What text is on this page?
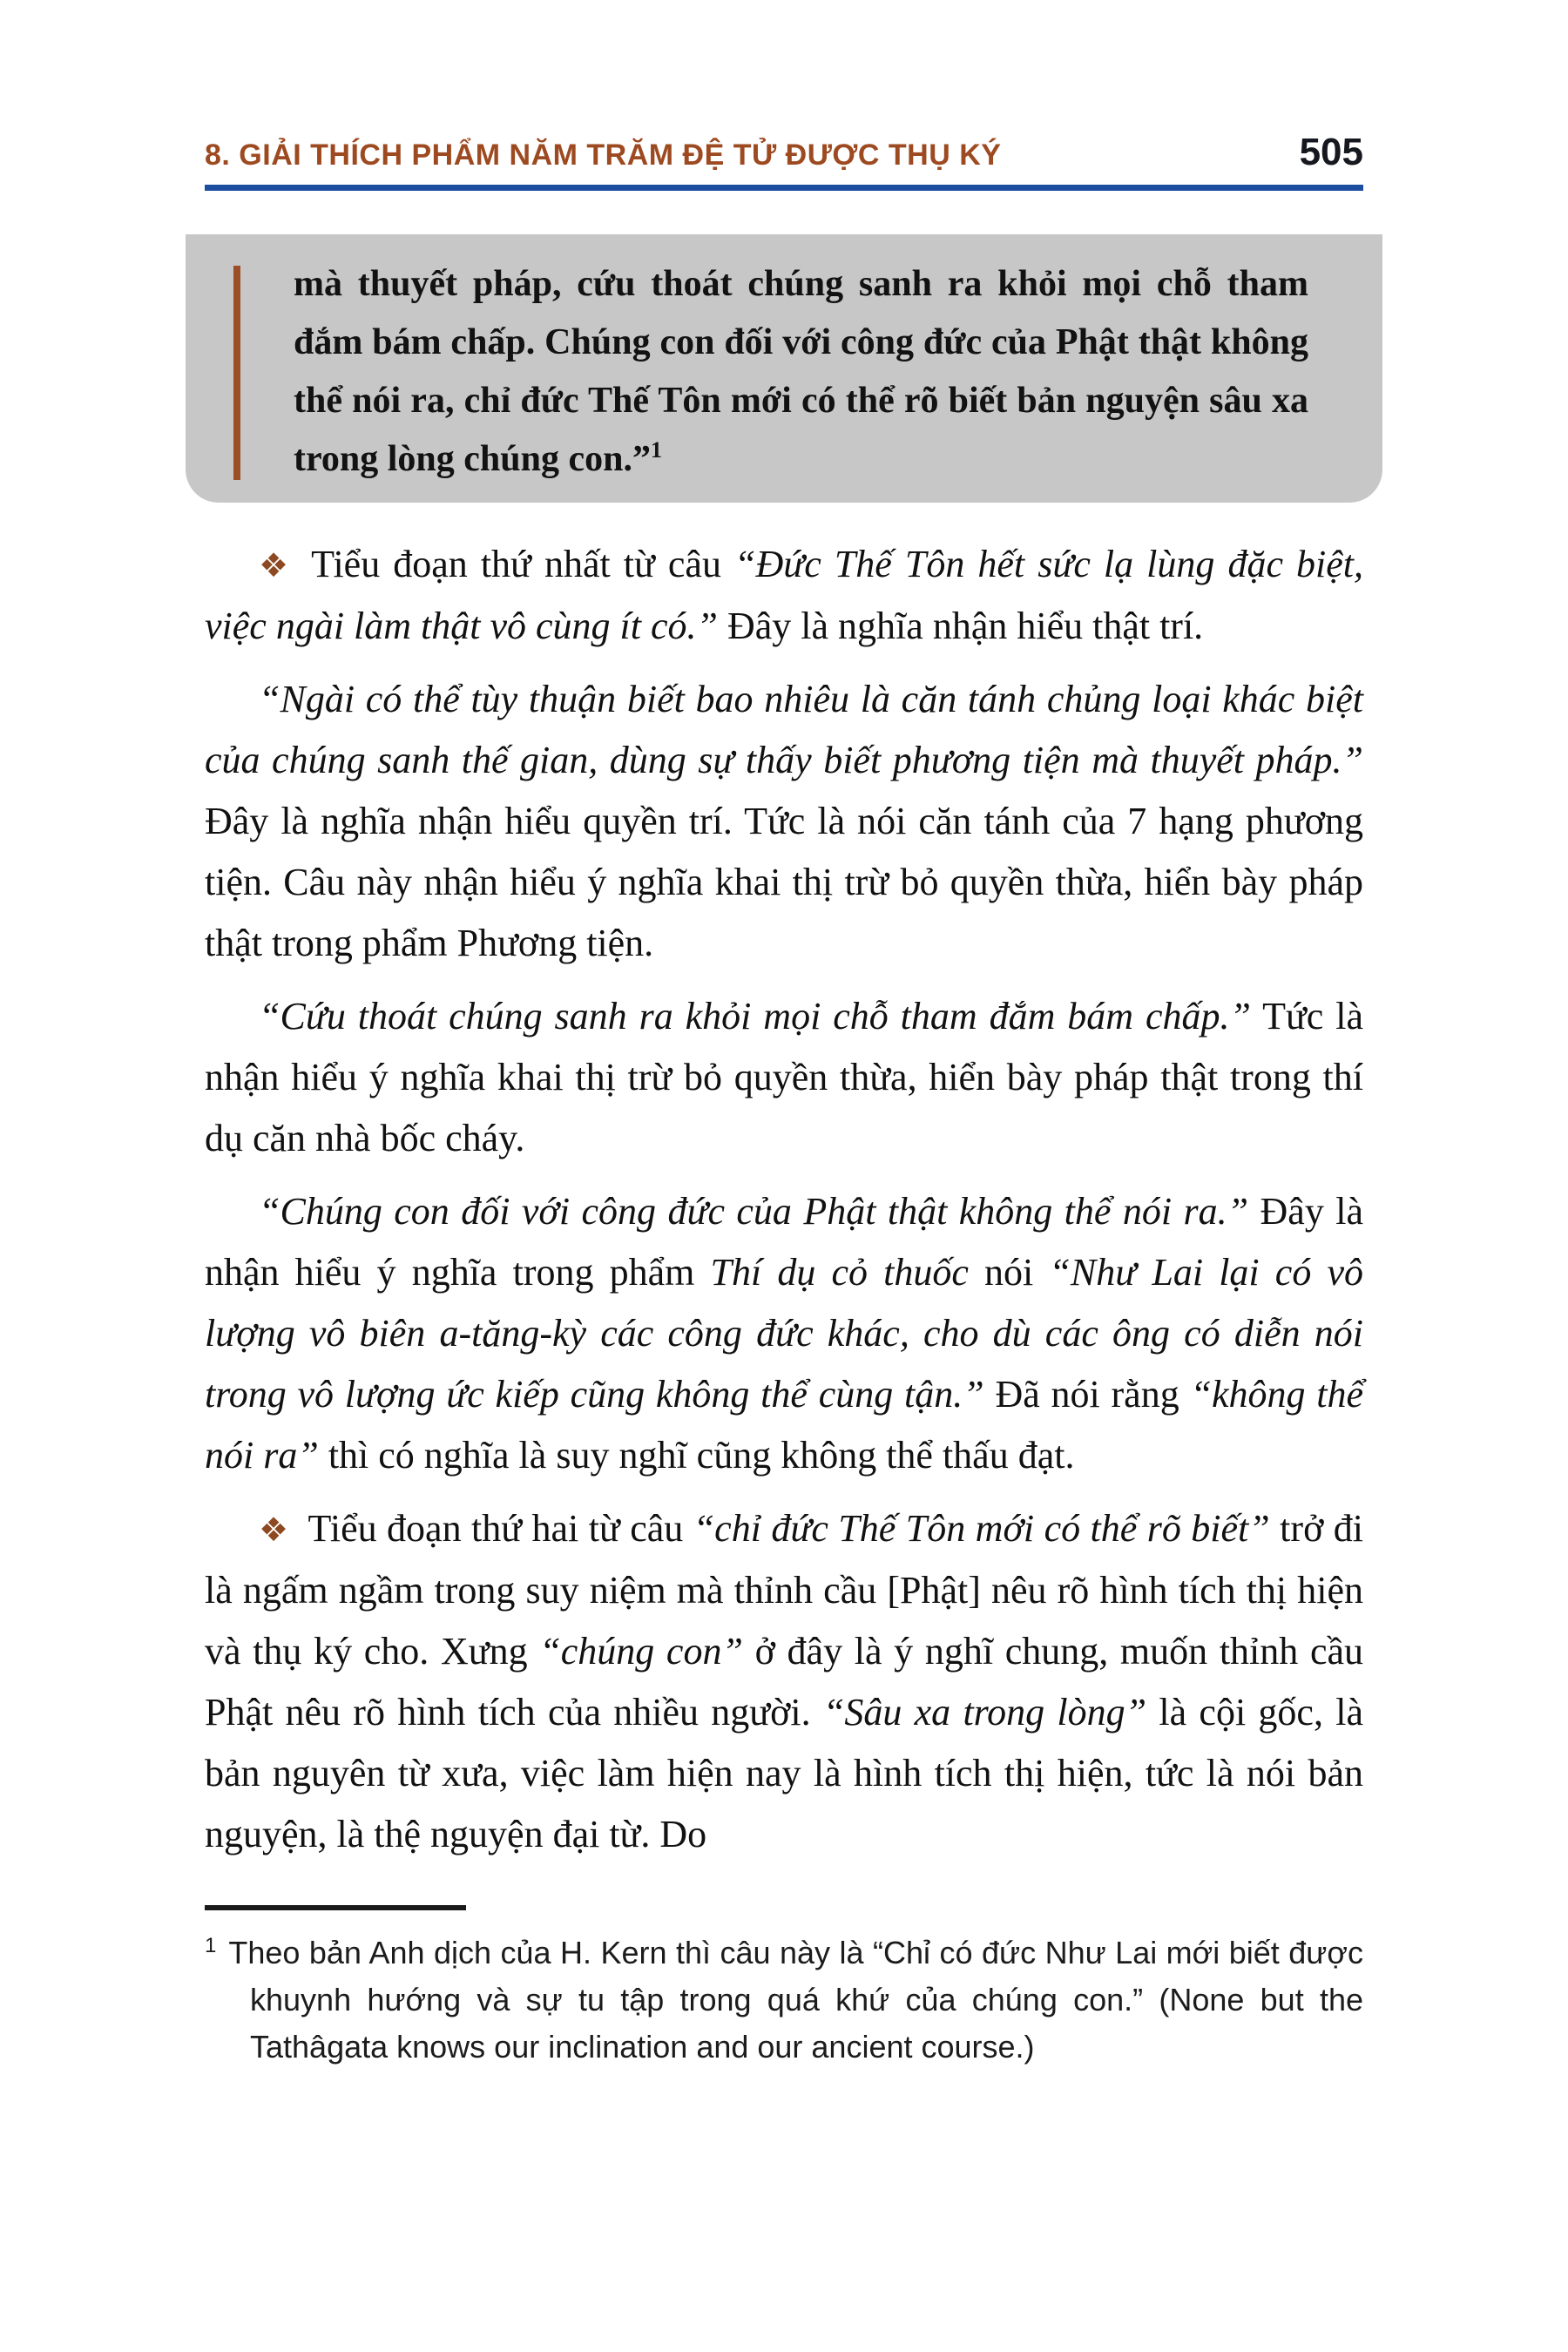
8. GIẢI THÍCH PHẨM NĂM TRĂM ĐỆ TỬ ĐƯỢC THỤ KÝ	505
mà thuyết pháp, cứu thoát chúng sanh ra khỏi mọi chỗ tham đắm bám chấp. Chúng con đối với công đức của Phật thật không thể nói ra, chỉ đức Thế Tôn mới có thể rõ biết bản nguyện sâu xa trong lòng chúng con.”$^1$

❖ Tiểu đoạn thứ nhất từ câu “Đức Thế Tôn hết sức lạ lùng đặc biệt, việc ngài làm thật vô cùng ít có.” Đây là nghĩa nhận hiểu thật trí.

“Ngài có thể tùy thuận biết bao nhiêu là căn tánh chủng loại khác biệt của chúng sanh thế gian, dùng sự thấy biết phương tiện mà thuyết pháp.” Đây là nghĩa nhận hiểu quyền trí. Tức là nói căn tánh của 7 hạng phương tiện. Câu này nhận hiểu ý nghĩa khai thị trừ bỏ quyền thừa, hiển bày pháp thật trong phẩm Phương tiện.

“Cứu thoát chúng sanh ra khỏi mọi chỗ tham đắm bám chấp.” Tức là nhận hiểu ý nghĩa khai thị trừ bỏ quyền thừa, hiển bày pháp thật trong thí dụ căn nhà bốc cháy.

“Chúng con đối với công đức của Phật thật không thể nói ra.” Đây là nhận hiểu ý nghĩa trong phẩm Thí dụ cỏ thuốc nói “Như Lai lại có vô lượng vô biên a-tăng-kỳ các công đức khác, cho dù các ông có diễn nói trong vô lượng ức kiếp cũng không thể cùng tận.” Đã nói rằng “không thể nói ra” thì có nghĩa là suy nghĩ cũng không thể thấu đạt.

❖ Tiểu đoạn thứ hai từ câu “chỉ đức Thế Tôn mới có thể rõ biết” trở đi là ngấm ngầm trong suy niệm mà thỉnh cầu [Phật] nêu rõ hình tích thị hiện và thụ ký cho. Xưng “chúng con” ở đây là ý nghĩ chung, muốn thỉnh cầu Phật nêu rõ hình tích của nhiều người. “Sâu xa trong lòng” là cội gốc, là bản nguyên từ xưa, việc làm hiện nay là hình tích thị hiện, tức là nói bản nguyện, là thệ nguyện đại từ. Do

$^1$ Theo bản Anh dịch của H. Kern thì câu này là “Chỉ có đức Như Lai mới biết được khuynh hướng và sự tu tập trong quá khứ của chúng con.” (None but the Tathâgata knows our inclination and our ancient course.)
